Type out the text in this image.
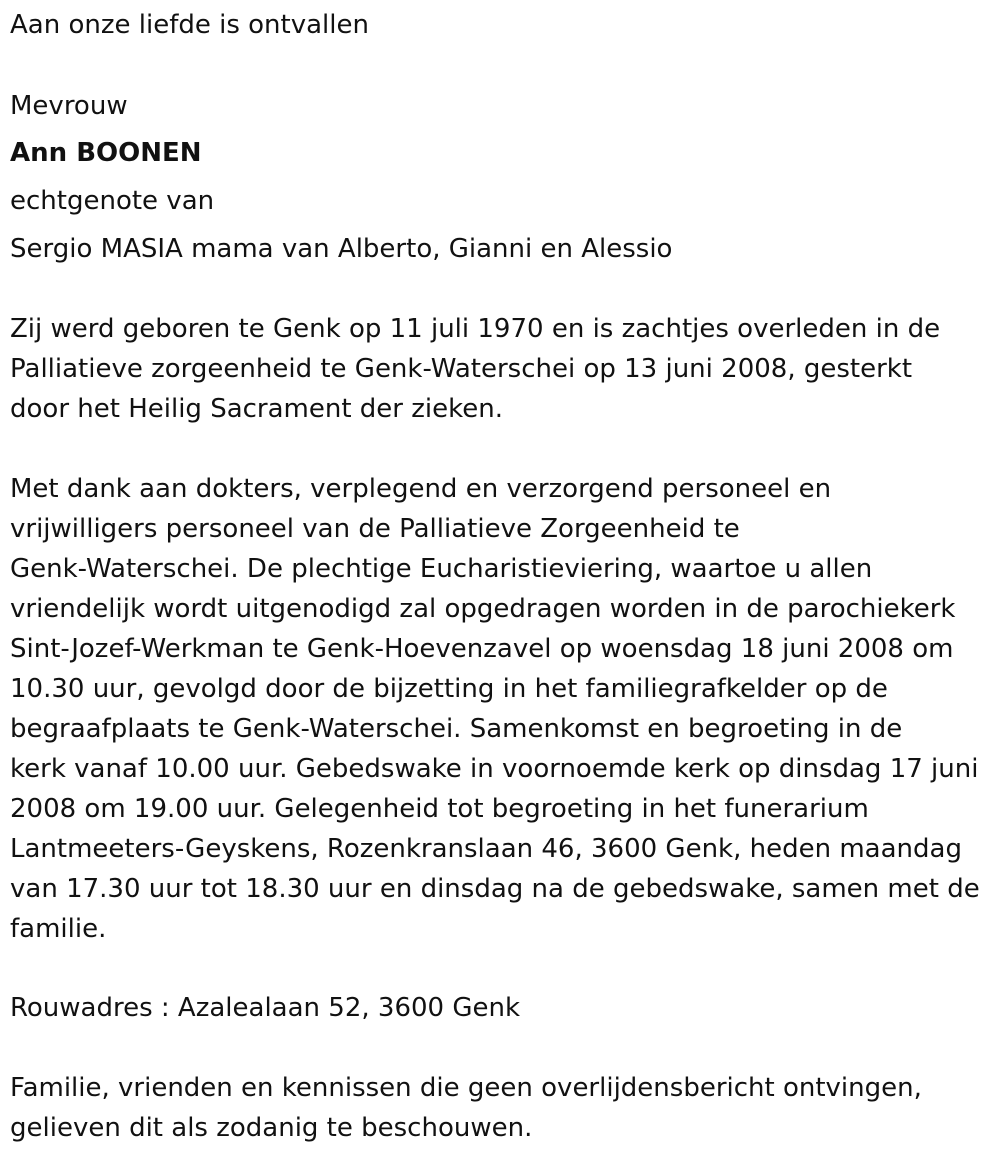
Aan onze liefde is ontvallen
Mevrouw
Ann BOONEN
echtgenote van
Sergio MASIA mama van Alberto, Gianni en Alessio
Zij werd geboren te Genk op 11 juli 1970 en is zachtjes overleden in de
Palliatieve zorgeenheid te Genk-Waterschei op 13 juni 2008, gesterkt
door het Heilig Sacrament der zieken.
Met dank aan dokters, verplegend en verzorgend personeel en
vrijwilligers personeel van de Palliatieve Zorgeenheid te
Genk-Waterschei. De plechtige Eucharistieviering, waartoe u allen
vriendelijk wordt uitgenodigd zal opgedragen worden in de parochiekerk
Sint-Jozef-Werkman te Genk-Hoevenzavel op woensdag 18 juni 2008 om
10.30 uur, gevolgd door de bijzetting in het familiegrafkelder op de
begraafplaats te Genk-Waterschei. Samenkomst en begroeting in de
kerk vanaf 10.00 uur. Gebedswake in voornoemde kerk op dinsdag 17 juni
2008 om 19.00 uur. Gelegenheid tot begroeting in het funerarium
Lantmeeters-Geyskens, Rozenkranslaan 46, 3600 Genk, heden maandag
van 17.30 uur tot 18.30 uur en dinsdag na de gebedswake, samen met de
familie.
Rouwadres : Azalealaan 52, 3600 Genk
Familie, vrienden en kennissen die geen overlijdensbericht ontvingen,
gelieven dit als zodanig te beschouwen.
